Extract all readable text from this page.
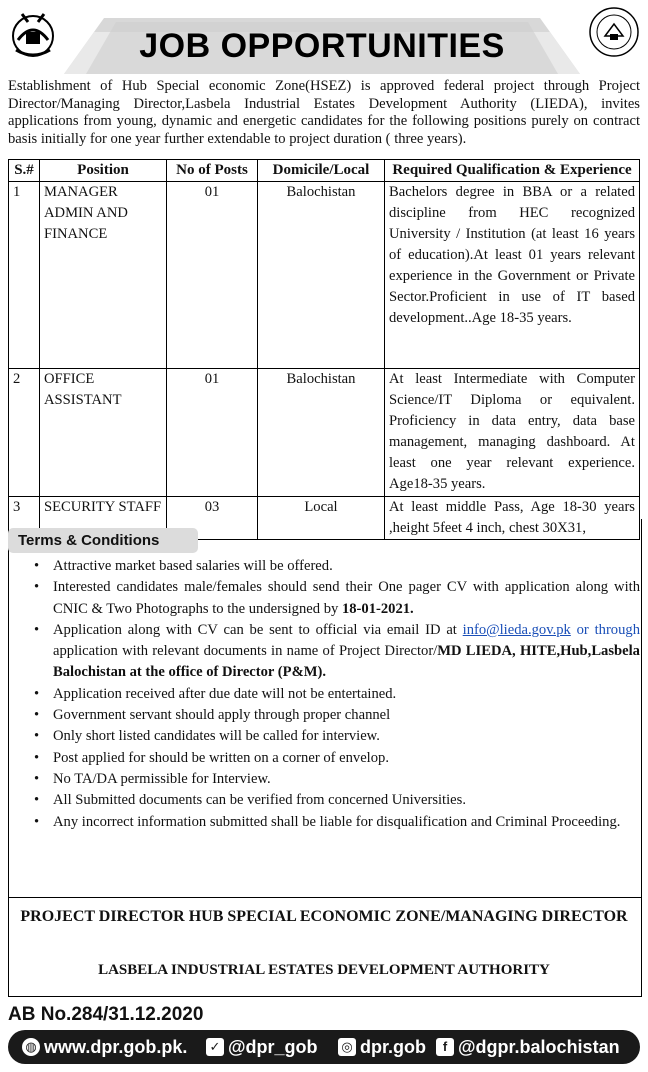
JOB OPPORTUNITIES
Establishment of Hub Special economic Zone(HSEZ) is approved federal project through Project Director/Managing Director,Lasbela Industrial Estates Development Authority (LIEDA), invites applications from young, dynamic and energetic candidates for the following positions purely on contract basis initially for one year further extendable to project duration ( three years).
S.#	Position	No of Posts	Domicile/Local	Required Qualification & Experience
1	MANAGER ADMIN AND FINANCE	01	Balochistan	Bachelors degree in BBA or a related discipline from HEC recognized University / Institution (at least 16 years of education).At least 01 years relevant experience in the Government or Private Sector.Proficient in use of IT based development..Age 18-35 years.
2	OFFICE ASSISTANT	01	Balochistan	At least Intermediate with Computer Science/IT Diploma or equivalent. Proficiency in data entry, data base management, managing dashboard. At least one year relevant experience. Age18-35 years.
3	SECURITY STAFF	03	Local	At least middle Pass, Age 18-30 years ,height 5feet 4 inch, chest 30X31,
Terms & Conditions
• Attractive market based salaries will be offered.
• Interested candidates male/females should send their One pager CV with application along with CNIC & Two Photographs to the undersigned by 18-01-2021.
• Application along with CV can be sent to official via email ID at info@lieda.gov.pk or through application with relevant documents in name of Project Director/MD LIEDA, HITE,Hub,Lasbela Balochistan at the office of Director (P&M).
• Application received after due date will not be entertained.
• Government servant should apply through proper channel
• Only short listed candidates will be called for interview.
• Post applied for should be written on a corner of envelop.
• No TA/DA permissible for Interview.
• All Submitted documents can be verified from concerned Universities.
• Any incorrect information submitted shall be liable for disqualification and Criminal Proceeding.
PROJECT DIRECTOR HUB SPECIAL ECONOMIC ZONE/MANAGING DIRECTOR
LASBELA INDUSTRIAL ESTATES DEVELOPMENT AUTHORITY
AB No.284/31.12.2020
◍ www.dpr.gob.pk. ✓ @dpr_gob ◎ dpr.gob	f @dgpr.balochistan
